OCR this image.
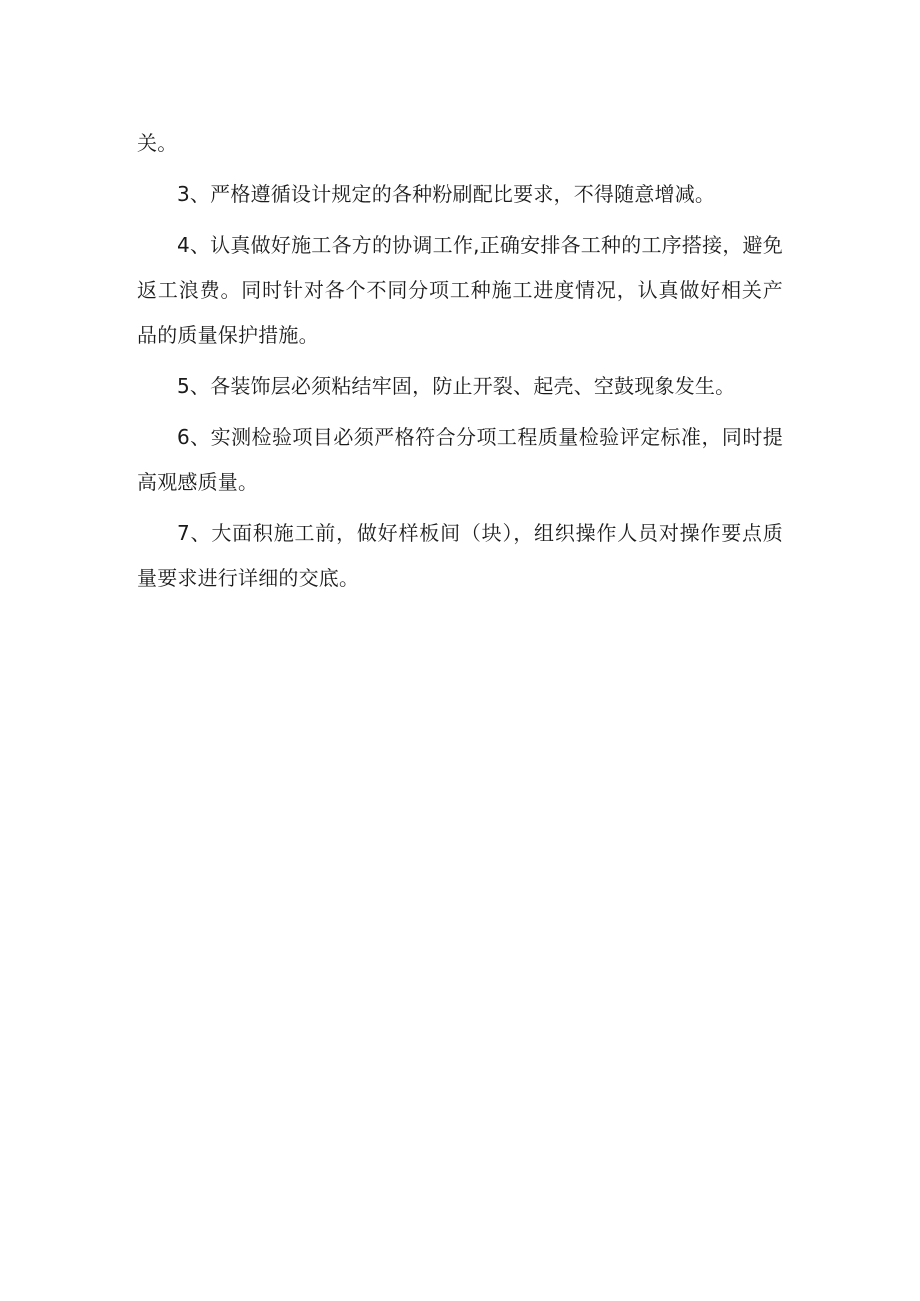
关。

3、严格遵循设计规定的各种粉刷配比要求，不得随意增减。

4、认真做好施工各方的协调工作,正确安排各工种的工序搭接，避免返工浪费。同时针对各个不同分项工种施工进度情况，认真做好相关产品的质量保护措施。

5、各装饰层必须粘结牢固，防止开裂、起壳、空鼓现象发生。

6、实测检验项目必须严格符合分项工程质量检验评定标准，同时提高观感质量。

7、大面积施工前，做好样板间（块），组织操作人员对操作要点质量要求进行详细的交底。
